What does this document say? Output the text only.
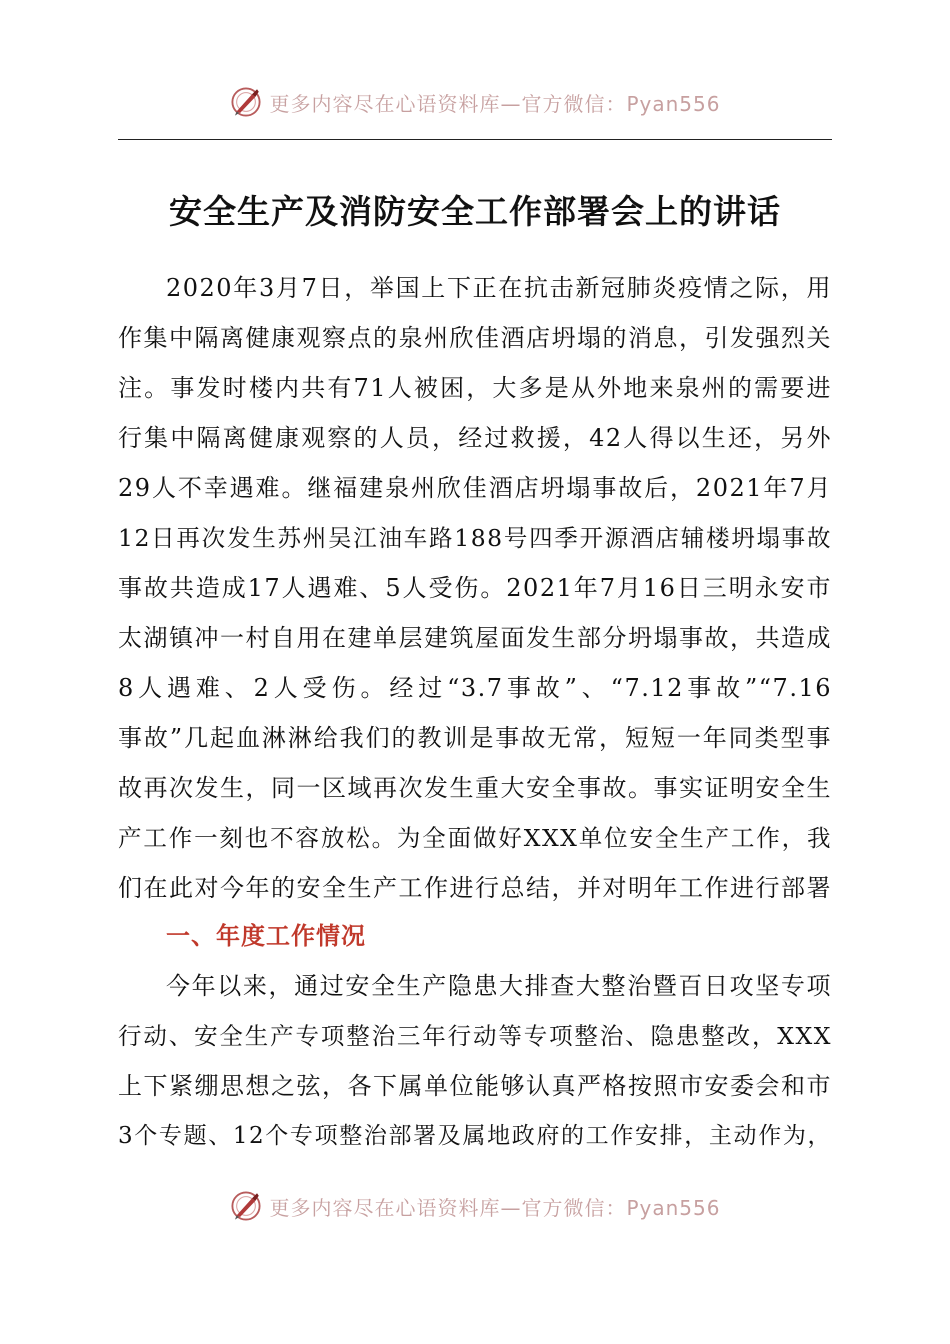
更多内容尽在心语资料库—官方微信：Pyan556
安全生产及消防安全工作部署会上的讲话
2020年3月7日，举国上下正在抗击新冠肺炎疫情之际，用
作集中隔离健康观察点的泉州欣佳酒店坍塌的消息，引发强烈关
注。事发时楼内共有71人被困，大多是从外地来泉州的需要进
行集中隔离健康观察的人员，经过救援，42人得以生还，另外
29人不幸遇难。继福建泉州欣佳酒店坍塌事故后，2021年7月
12日再次发生苏州吴江油车路188号四季开源酒店辅楼坍塌事故
事故共造成17人遇难、5人受伤。2021年7月16日三明永安市
太湖镇冲一村自用在建单层建筑屋面发生部分坍塌事故，共造成
8人遇难、2人受伤。经过“3.7事故”、“7.12事故”“7.16
事故”几起血淋淋给我们的教训是事故无常，短短一年同类型事
故再次发生，同一区域再次发生重大安全事故。事实证明安全生
产工作一刻也不容放松。为全面做好XXX单位安全生产工作，我
们在此对今年的安全生产工作进行总结，并对明年工作进行部署
一、年度工作情况
今年以来，通过安全生产隐患大排查大整治暨百日攻坚专项
行动、安全生产专项整治三年行动等专项整治、隐患整改，XXX
上下紧绷思想之弦，各下属单位能够认真严格按照市安委会和市
3个专题、12个专项整治部署及属地政府的工作安排，主动作为，
更多内容尽在心语资料库—官方微信：Pyan556
